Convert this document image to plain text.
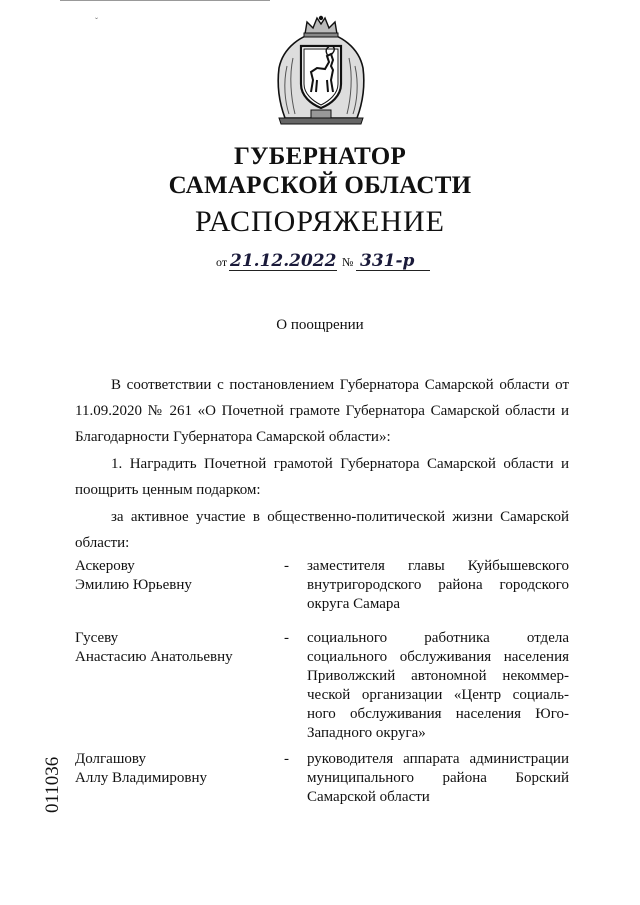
ˇ
ГУБЕРНАТОР
САМАРСКОЙ ОБЛАСТИ
РАСПОРЯЖЕНИЕ
от 21.12.2022 № 331-р
О поощрении
В соответствии с постановлением Губернатора Самарской области от 11.09.2020 № 261 «О Почетной грамоте Губернатора Самарской области и Благодарности Губернатора Самарской области»:
1. Наградить Почетной грамотой Губернатора Самарской области и поощрить ценным подарком:
за активное участие в общественно-политической жизни Самарской области:
Аскерову
Эмилию Юрьевну
- заместителя главы Куйбышевского
внутригородского района городского
округа Самара
Гусеву
Анастасию Анатольевну
- социального работника отдела
социального обслуживания населения
Приволжский автономной некоммер-
ческой организации «Центр социаль-
ного обслуживания населения Юго-
Западного округа»
Долгашову
Аллу Владимировну
- руководителя аппарата администрации
муниципального района Борский
Самарской области
011036
